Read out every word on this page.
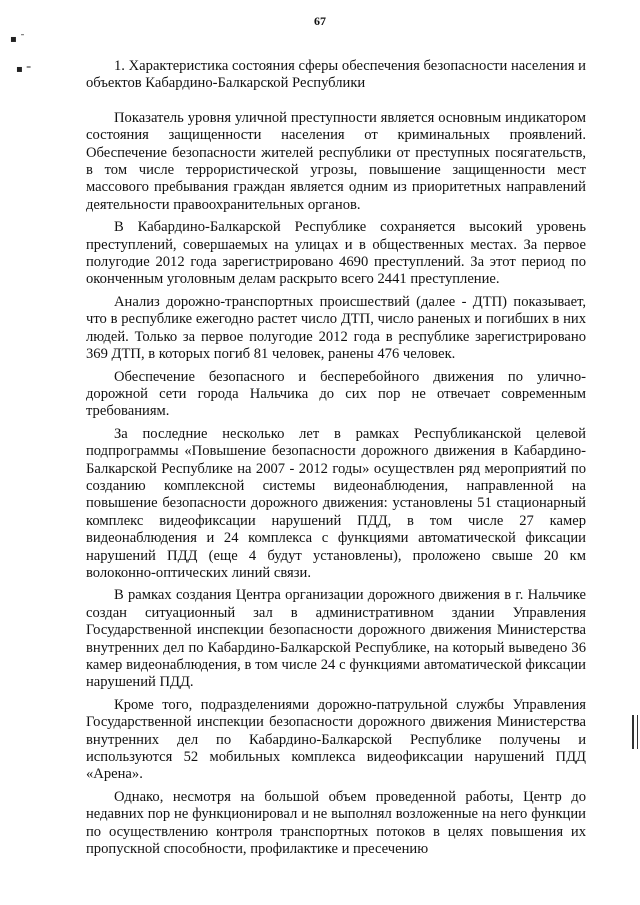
67
▪ ˉ
▪ ⁼	1. Характеристика состояния сферы обеспечения безопасности населения и объектов Кабардино-Балкарской Республики

Показатель уровня уличной преступности является основным индикатором состояния защищенности населения от криминальных проявлений. Обеспечение безопасности жителей республики от преступных посягательств, в том числе террористической угрозы, повышение защищенности мест массового пребывания граждан является одним из приоритетных направлений деятельности правоохранительных органов.

В Кабардино-Балкарской Республике сохраняется высокий уровень преступлений, совершаемых на улицах и в общественных местах. За первое полугодие 2012 года зарегистрировано 4690 преступлений. За этот период по оконченным уголовным делам раскрыто всего 2441 преступление.

Анализ дорожно-транспортных происшествий (далее - ДТП) показывает, что в республике ежегодно растет число ДТП, число раненых и погибших в них людей. Только за первое полугодие 2012 года в республике зарегистрировано 369 ДТП, в которых погиб 81 человек, ранены 476 человек.

Обеспечение безопасного и бесперебойного движения по улично-дорожной сети города Нальчика до сих пор не отвечает современным требованиям.

За последние несколько лет в рамках Республиканской целевой подпрограммы «Повышение безопасности дорожного движения в Кабардино-Балкарской Республике на 2007 - 2012 годы» осуществлен ряд мероприятий по созданию комплексной системы видеонаблюдения, направленной на повышение безопасности дорожного движения: установлены 51 стационарный комплекс видеофиксации нарушений ПДД, в том числе 27 камер видеонаблюдения и 24 комплекса с функциями автоматической фиксации нарушений ПДД (еще 4 будут установлены), проложено свыше 20 км волоконно-оптических линий связи.

В рамках создания Центра организации дорожного движения в г. Нальчике создан ситуационный зал в административном здании Управления Государственной инспекции безопасности дорожного движения Министерства внутренних дел по Кабардино-Балкарской Республике, на который выведено 36 камер видеонаблюдения, в том числе 24 с функциями автоматической фиксации нарушений ПДД.

Кроме того, подразделениями дорожно-патрульной службы Управления Государственной инспекции безопасности дорожного движения Министерства внутренних дел по Кабардино-Балкарской Республике получены и используются 52 мобильных комплекса видеофиксации нарушений ПДД «Арена».

Однако, несмотря на большой объем проведенной работы, Центр до недавних пор не функционировал и не выполнял возложенные на него функции по осуществлению контроля транспортных потоков в целях повышения их пропускной способности, профилактике и пресечению
